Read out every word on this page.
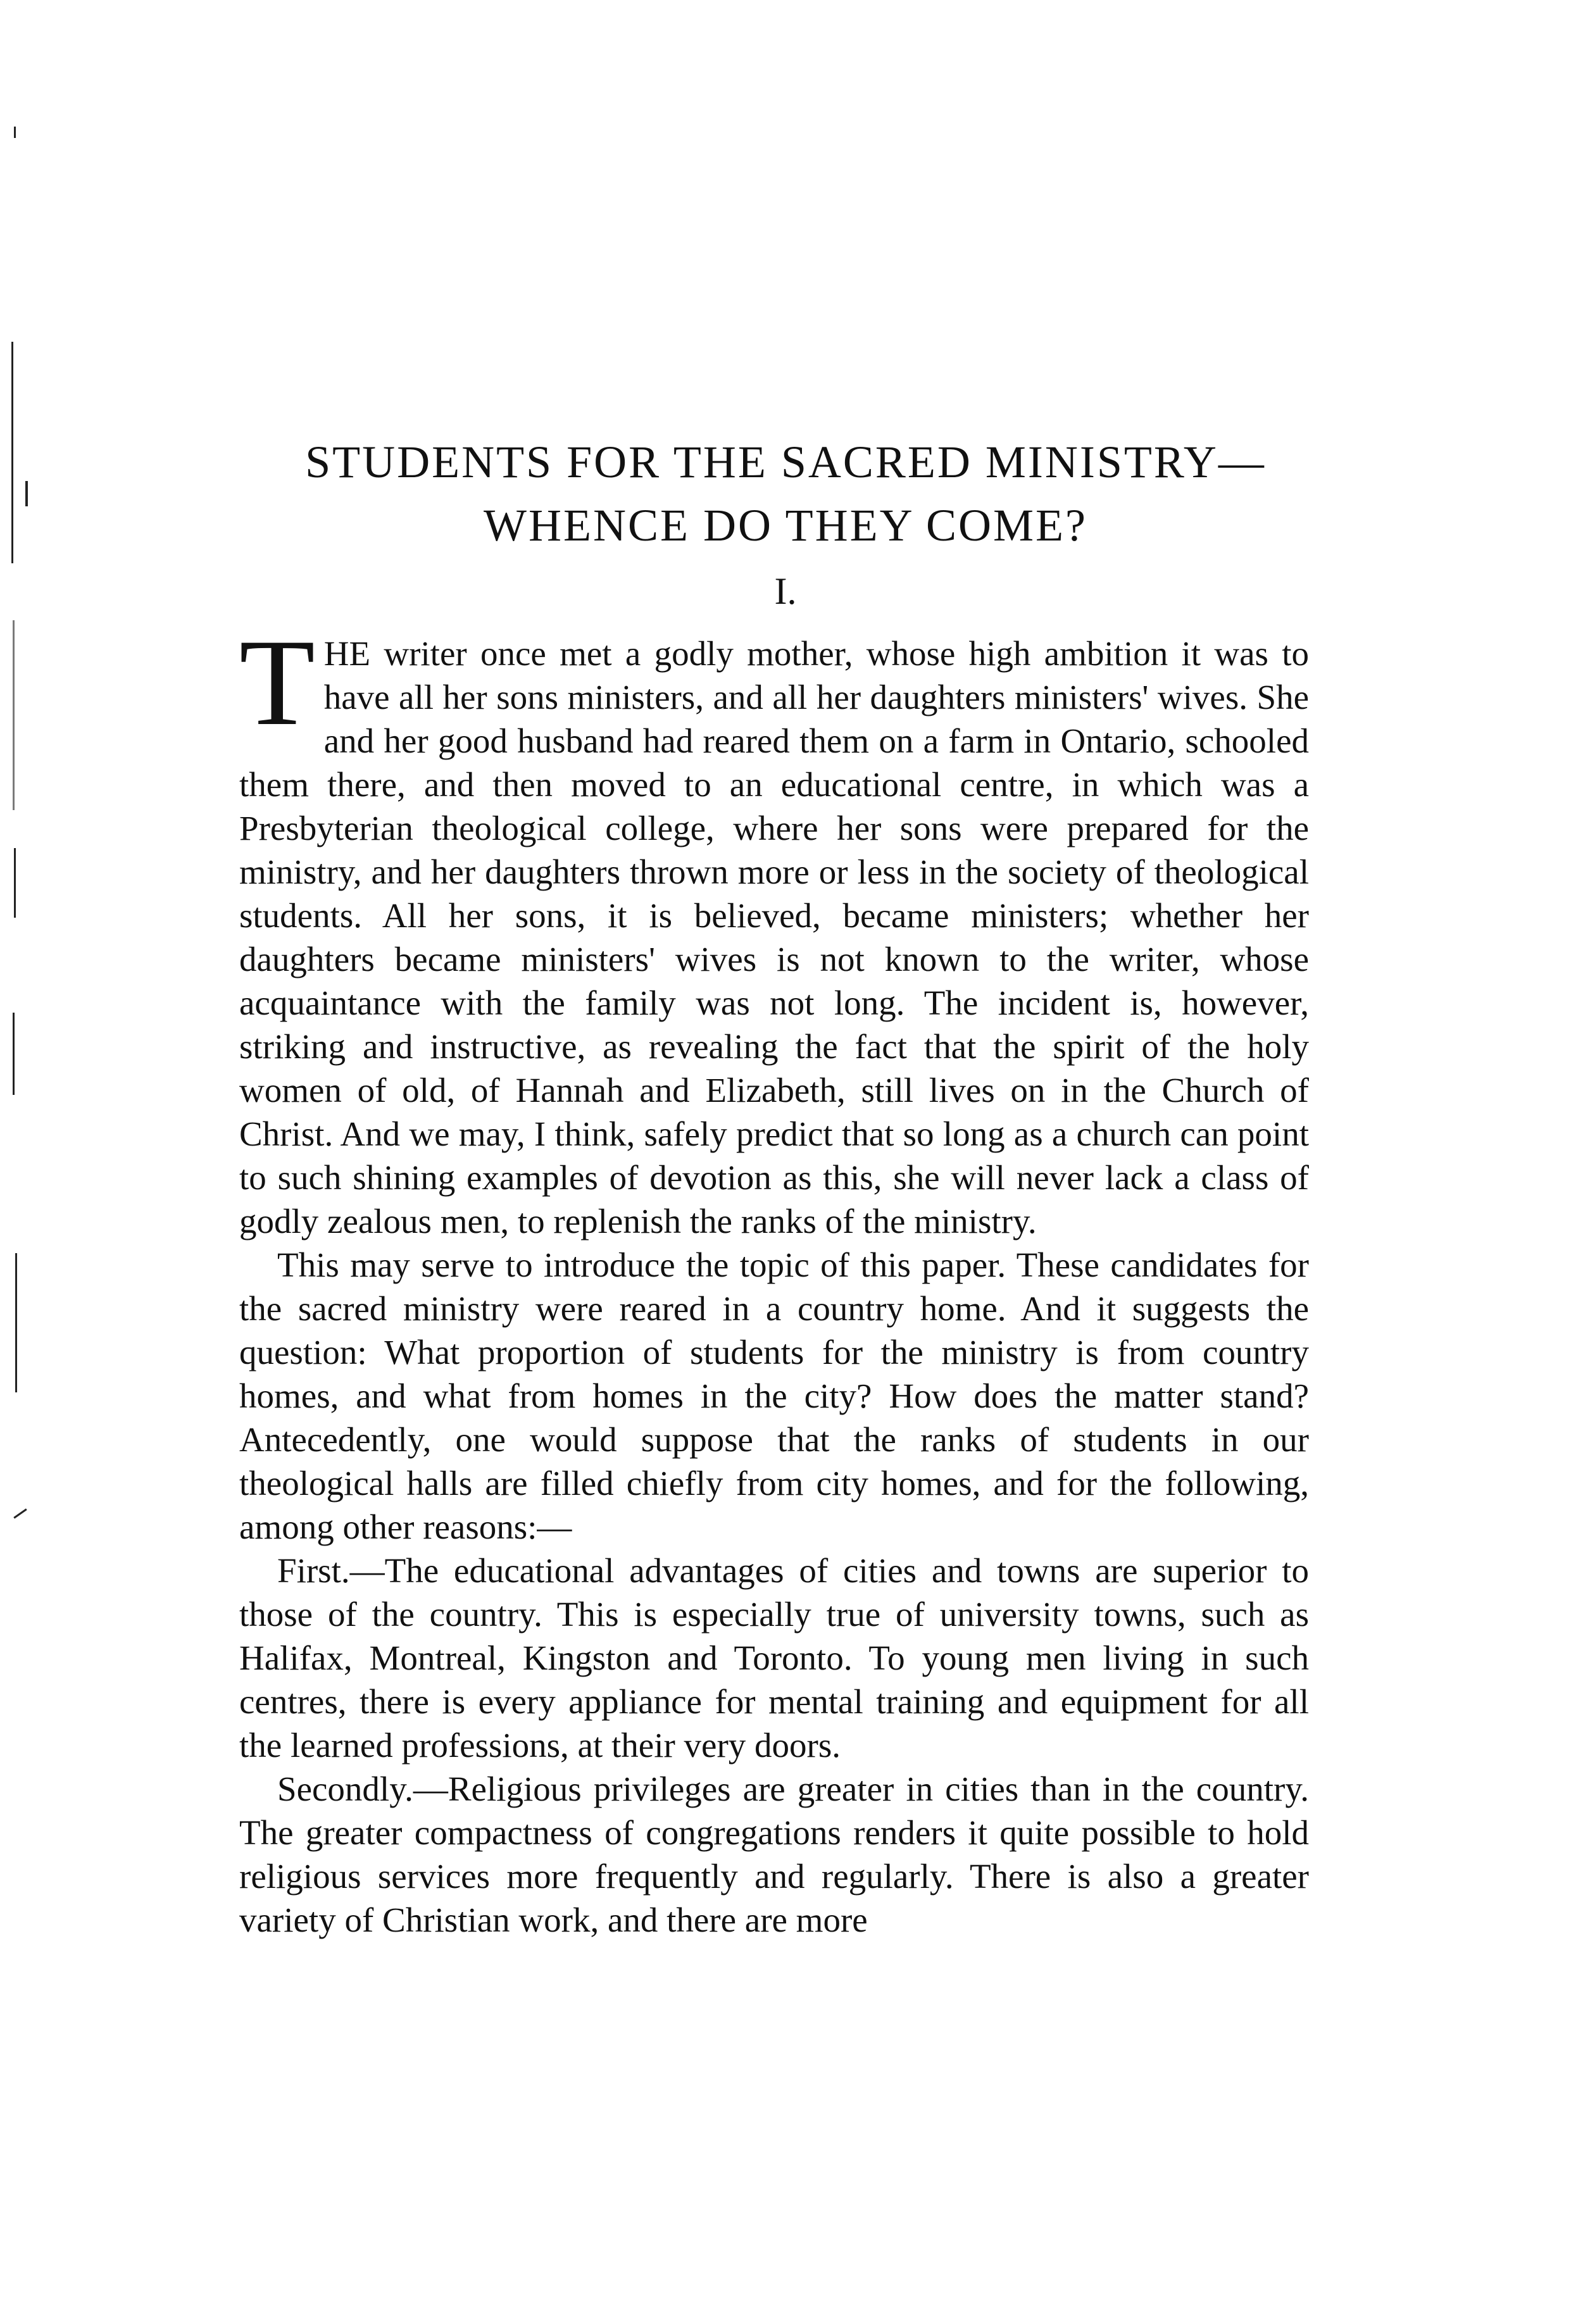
STUDENTS FOR THE SACRED MINISTRY—
WHENCE DO THEY COME?
I.

THE writer once met a godly mother, whose high ambition it was to have all her sons ministers, and all her daughters ministers' wives. She and her good husband had reared them on a farm in Ontario, schooled them there, and then moved to an educational centre, in which was a Presbyterian theological college, where her sons were prepared for the ministry, and her daughters thrown more or less in the society of theological students. All her sons, it is believed, became ministers; whether her daughters became ministers' wives is not known to the writer, whose acquaintance with the family was not long. The incident is, however, striking and instructive, as revealing the fact that the spirit of the holy women of old, of Hannah and Elizabeth, still lives on in the Church of Christ. And we may, I think, safely predict that so long as a church can point to such shining examples of devotion as this, she will never lack a class of godly zealous men, to replenish the ranks of the ministry.

This may serve to introduce the topic of this paper. These candidates for the sacred ministry were reared in a country home. And it suggests the question: What proportion of students for the ministry is from country homes, and what from homes in the city? How does the matter stand? Antecedently, one would suppose that the ranks of students in our theological halls are filled chiefly from city homes, and for the following, among other reasons:—

First.—The educational advantages of cities and towns are superior to those of the country. This is especially true of university towns, such as Halifax, Montreal, Kingston and Toronto. To young men living in such centres, there is every appliance for mental training and equipment for all the learned professions, at their very doors.

Secondly.—Religious privileges are greater in cities than in the country. The greater compactness of congregations renders it quite possible to hold religious services more frequently and regularly. There is also a greater variety of Christian work, and there are more
